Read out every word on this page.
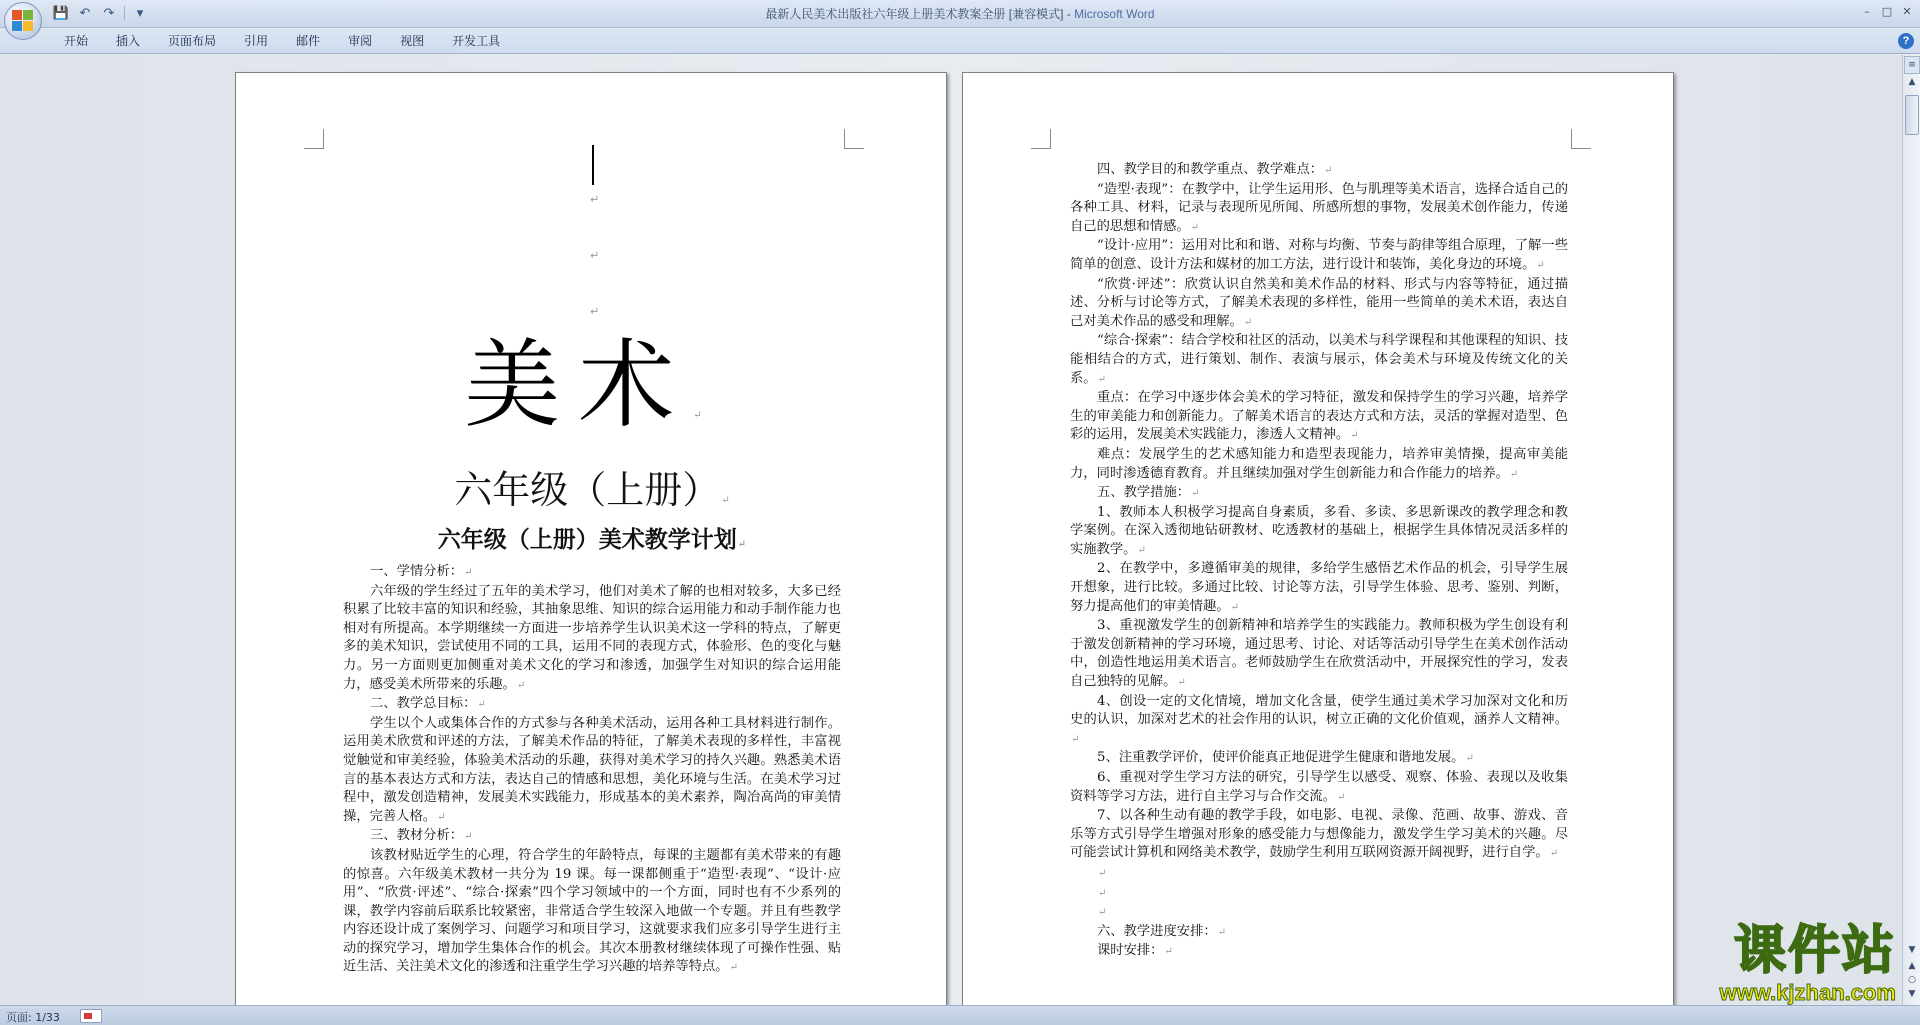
💾 ↶ ↷	▾	最新人民美术出版社六年级上册美术教案全册 [兼容模式] - Microsoft Word	–	□ ✕
开始	插入	页面布局	引用	邮件	审阅	视图	开发工具	?
↵
↵
↵
美术↵
六年级（上册）↵
六年级（上册）美术教学计划↵

一、学情分析：↵

六年级的学生经过了五年的美术学习，他们对美术了解的也相对较多，大多已经积累了比较丰富的知识和经验，其抽象思维、知识的综合运用能力和动手制作能力也相对有所提高。本学期继续一方面进一步培养学生认识美术这一学科的特点，了解更多的美术知识，尝试使用不同的工具，运用不同的表现方式，体验形、色的变化与魅力。另一方面则更加侧重对美术文化的学习和渗透，加强学生对知识的综合运用能力，感受美术所带来的乐趣。↵

二、教学总目标：↵

学生以个人或集体合作的方式参与各种美术活动，运用各种工具材料进行制作。运用美术欣赏和评述的方法，了解美术作品的特征，了解美术表现的多样性，丰富视觉触觉和审美经验，体验美术活动的乐趣，获得对美术学习的持久兴趣。熟悉美术语言的基本表达方式和方法，表达自己的情感和思想，美化环境与生活。在美术学习过程中，激发创造精神，发展美术实践能力，形成基本的美术素养，陶冶高尚的审美情操，完善人格。↵

三、教材分析：↵

该教材贴近学生的心理，符合学生的年龄特点，每课的主题都有美术带来的有趣的惊喜。六年级美术教材一共分为 19 课。每一课都侧重于“造型·表现”、“设计·应用”、“欣赏·评述”、“综合·探索”四个学习领域中的一个方面，同时也有不少系列的课，教学内容前后联系比较紧密，非常适合学生较深入地做一个专题。并且有些教学内容还设计成了案例学习、问题学习和项目学习，这就要求我们应多引导学生进行主动的探究学习，增加学生集体合作的机会。其次本册教材继续体现了可操作性强、贴近生活、关注美术文化的渗透和注重学生学习兴趣的培养等特点。↵

四、教学目的和教学重点、教学难点：↵

“造型·表现”：在教学中，让学生运用形、色与肌理等美术语言，选择合适自己的各种工具、材料，记录与表现所见所闻、所感所想的事物，发展美术创作能力，传递自己的思想和情感。↵

“设计·应用”：运用对比和和谐、对称与均衡、节奏与韵律等组合原理，了解一些简单的创意、设计方法和媒材的加工方法，进行设计和装饰，美化身边的环境。↵

“欣赏·评述”：欣赏认识自然美和美术作品的材料、形式与内容等特征，通过描述、分析与讨论等方式，了解美术表现的多样性，能用一些简单的美术术语，表达自己对美术作品的感受和理解。↵

“综合·探索”：结合学校和社区的活动，以美术与科学课程和其他课程的知识、技能相结合的方式，进行策划、制作、表演与展示，体会美术与环境及传统文化的关系。↵

重点：在学习中逐步体会美术的学习特征，激发和保持学生的学习兴趣，培养学生的审美能力和创新能力。了解美术语言的表达方式和方法，灵活的掌握对造型、色彩的运用，发展美术实践能力，渗透人文精神。↵

难点：发展学生的艺术感知能力和造型表现能力，培养审美情操，提高审美能力，同时渗透德育教育。并且继续加强对学生创新能力和合作能力的培养。↵

五、教学措施：↵

1、教师本人积极学习提高自身素质，多看、多读、多思新课改的教学理念和教学案例。在深入透彻地钻研教材、吃透教材的基础上，根据学生具体情况灵活多样的实施教学。↵

2、在教学中，多遵循审美的规律，多给学生感悟艺术作品的机会，引导学生展开想象，进行比较。多通过比较、讨论等方法，引导学生体验、思考、鉴别、判断，努力提高他们的审美情趣。↵

3、重视激发学生的创新精神和培养学生的实践能力。教师积极为学生创设有利于激发创新精神的学习环境，通过思考、讨论、对话等活动引导学生在美术创作活动中，创造性地运用美术语言。老师鼓励学生在欣赏活动中，开展探究性的学习，发表自己独特的见解。↵

4、创设一定的文化情境，增加文化含量，使学生通过美术学习加深对文化和历史的认识，加深对艺术的社会作用的认识，树立正确的文化价值观，涵养人文精神。↵

5、注重教学评价，使评价能真正地促进学生健康和谐地发展。↵

6、重视对学生学习方法的研究，引导学生以感受、观察、体验、表现以及收集资料等学习方法，进行自主学习与合作交流。↵

7、以各种生动有趣的教学手段，如电影、电视、录像、范画、故事、游戏、音乐等方式引导学生增强对形象的感受能力与想像能力，激发学生学习美术的兴趣。尽可能尝试计算机和网络美术教学，鼓励学生利用互联网资源开阔视野，进行自学。↵

↵

↵

↵

六、教学进度安排：↵

课时安排：↵

≡
▲
▼
▲
○
▼
页面: 1/33
课件站
www.kjzhan.com
